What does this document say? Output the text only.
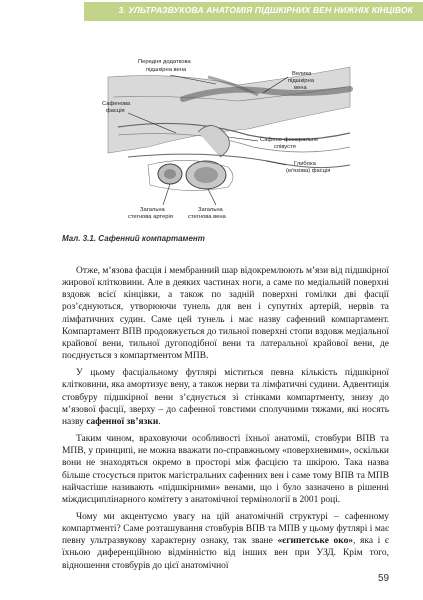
3. УЛЬТРАЗВУКОВА АНАТОМІЯ ПІДШКІРНИХ ВЕН НИЖНІХ КІНЦІВОК
Передня додаткова
підшкірна вена
Велика
підшкірна
вена
Сафенова
фасція
Сафено-феморальне
співустя
Глибока
(м'язова) фасція
Загальна
стегнова артерія
Загальна
стегнова вена
Мал. 3.1. Сафенний компартамент

Отже, м’язова фасція і мембранний шар відокремлюють м’язи від підшкірної жирової клітковини. Але в деяких частинах ноги, а саме по медіальній поверхні вздовж всієї кінцівки, а також по задній поверхні гомілки дві фасції роз’єднуються, утворюючи тунель для вен і супутніх артерій, нервів та лімфатичних судин. Саме цей тунель і має назву сафенний компартамент. Компартамент ВПВ продовжується до тильної поверхні стопи вздовж медіальної крайової вени, тильної дугоподібної вени та латеральної крайової вени, де поєднується з компартментом МПВ.

У цьому фасціальному футлярі міститься певна кількість підшкірної клітковини, яка амортизує вену, а також нерви та лімфатичні судини. Адвентиція стовбуру підшкірної вени з’єднується зі стінками компартменту, знизу до м’язової фасції, зверху – до сафенної товстими сполучними тяжами, які носять назву сафенної зв’язки.

Таким чином, враховуючи особливості їхньої анатомії, стовбури ВПВ та МПВ, у принципі, не можна вважати по-справжньому «поверхневими», оскільки вони не знаходяться окремо в просторі між фасцією та шкірою. Така назва більше стосується приток магістральних сафенних вен і саме тому ВПВ та МПВ найчастіше називають «підшкірними» венами, що і було зазначено в рішенні міждисциплінарного комітету з анатомічної термінології в 2001 році.

Чому ми акцентуємо увагу на цій анатомічній структурі – сафенному компартменті? Саме розташування стовбурів ВПВ та МПВ у цьому футлярі і має певну ультразвукову характерну ознаку, так зване «єгипетське око», яка і є їхньою диференційною відмінністю від інших вен при УЗД. Крім того, відношення стовбурів до цієї анатомічної

59
